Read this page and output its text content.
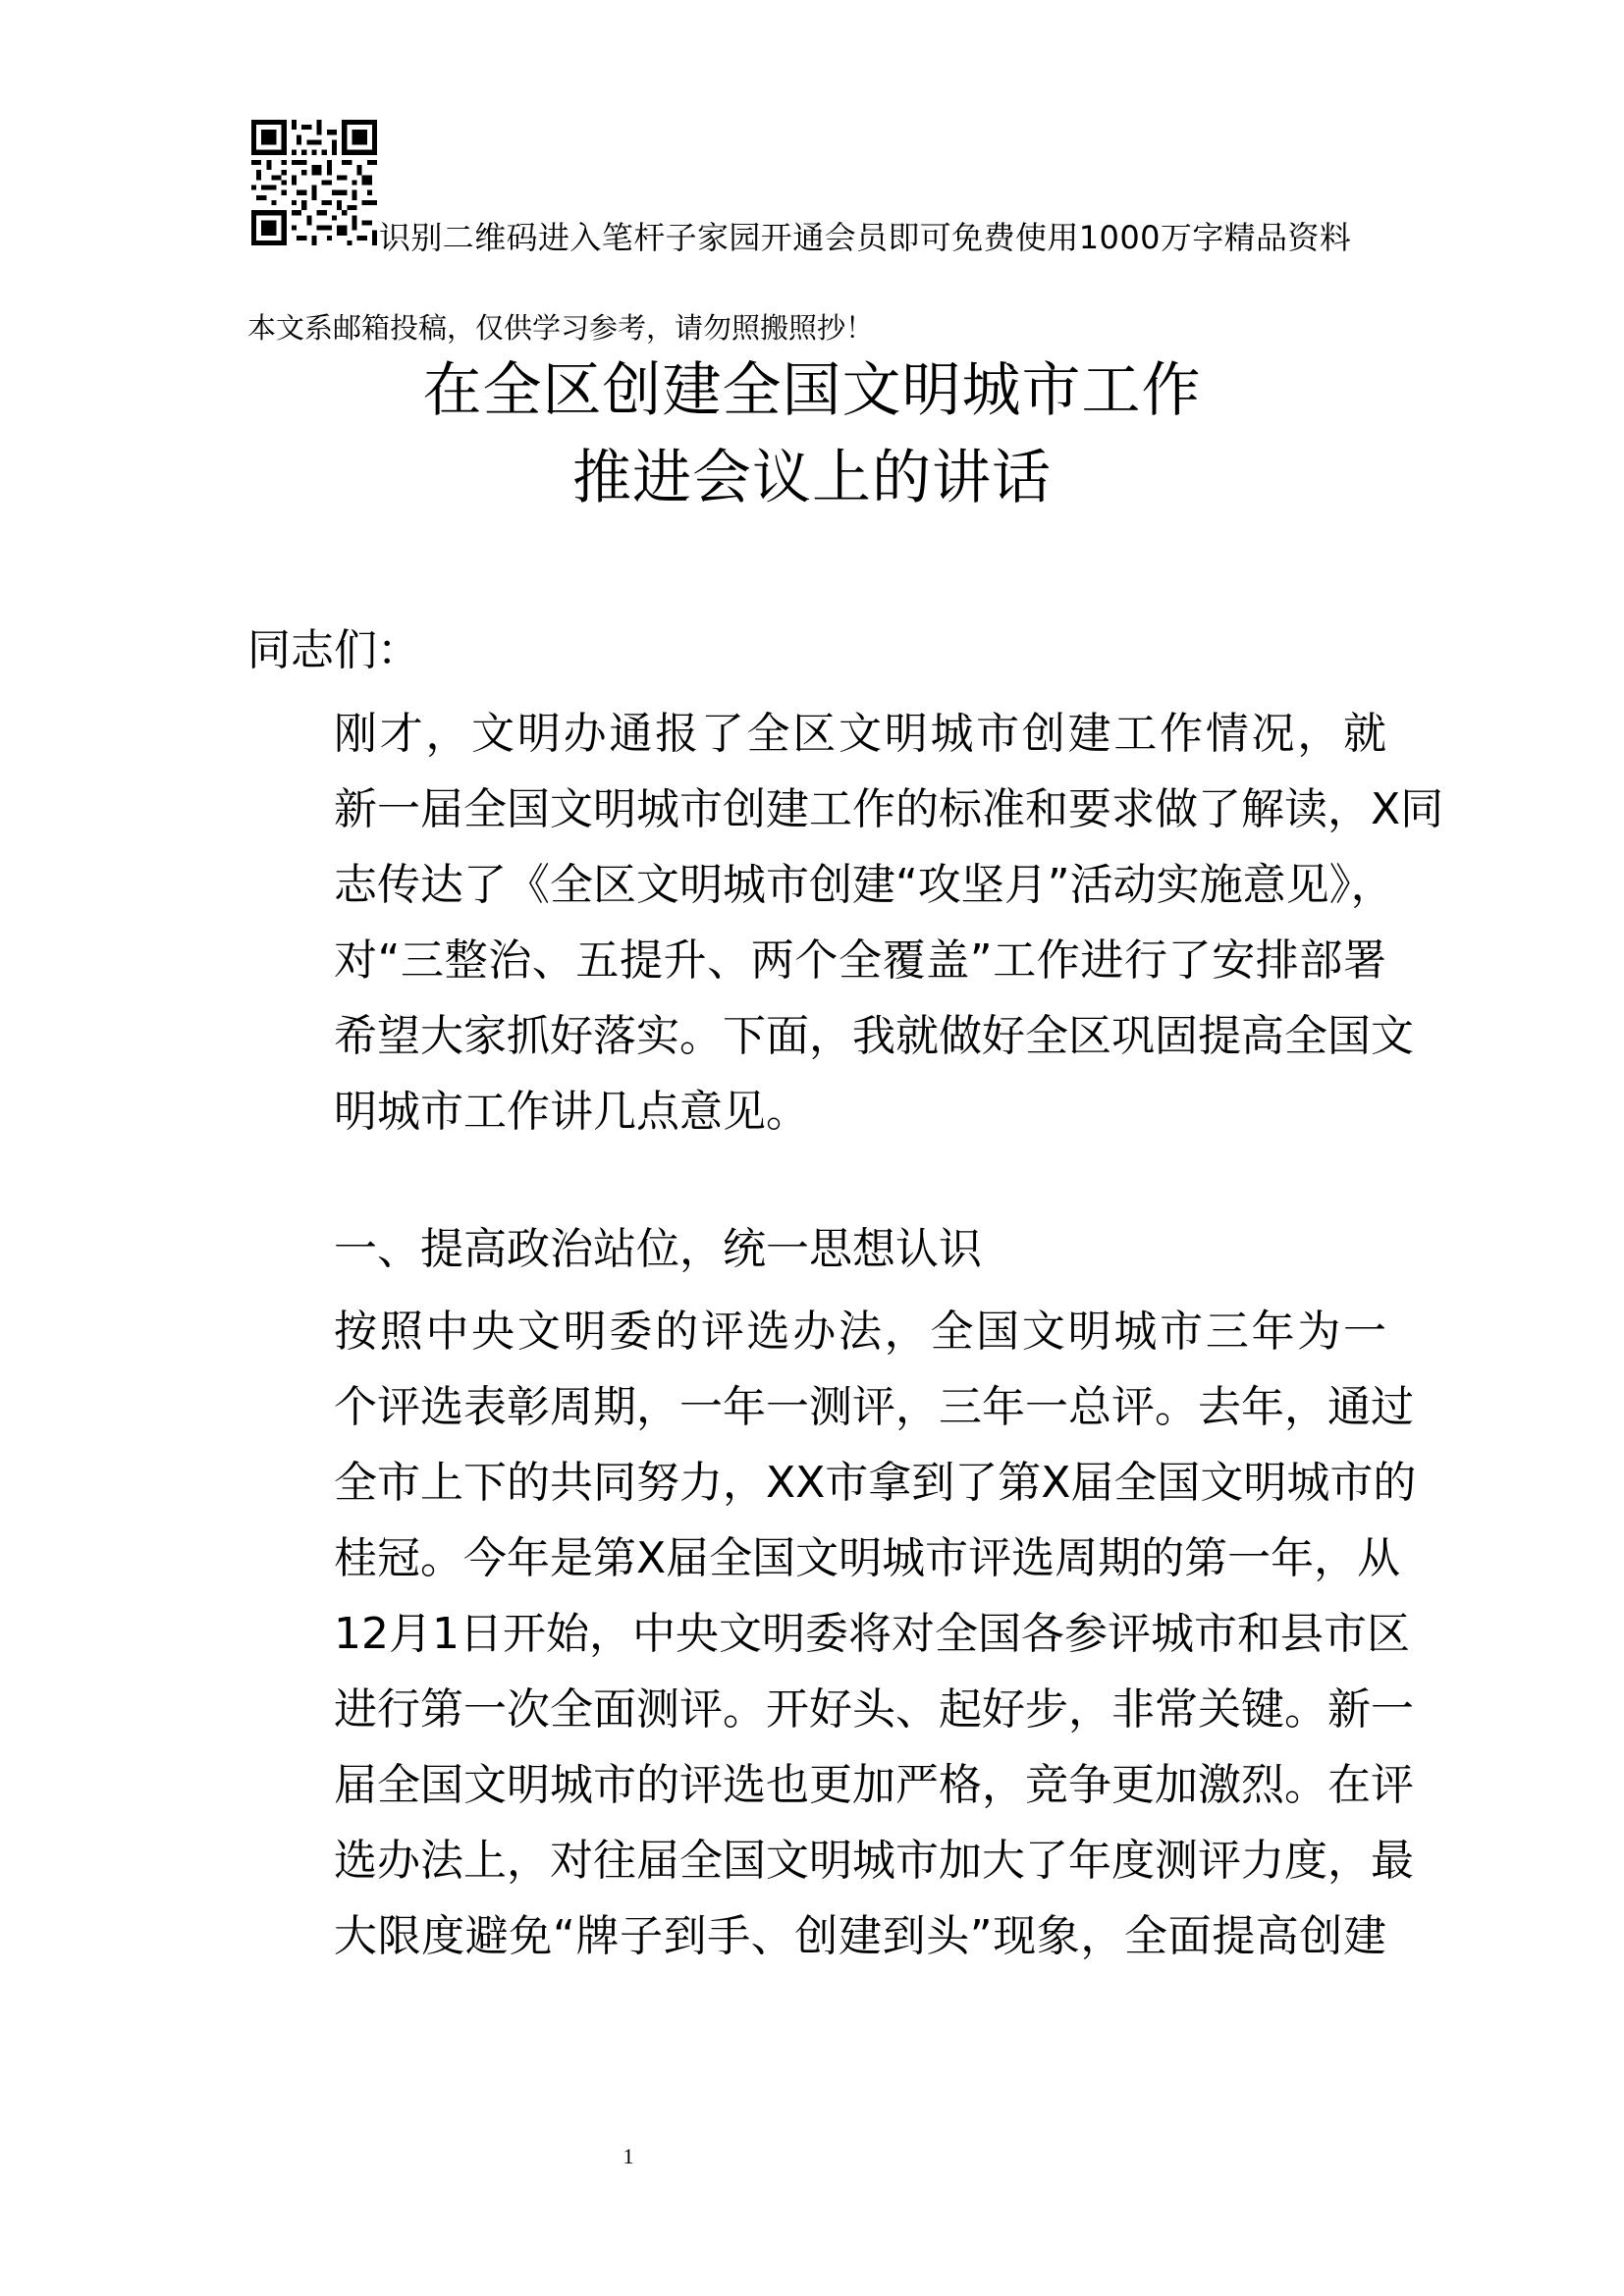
识别二维码进入笔杆子家园开通会员即可免费使用1000万字精品资料
本文系邮箱投稿，仅供学习参考，请勿照搬照抄！
在全区创建全国文明城市工作
推进会议上的讲话
同志们：
刚才，文明办通报了全区文明城市创建工作情况，就
新一届全国文明城市创建工作的标准和要求做了解读，X同
志传达了《全区文明城市创建“攻坚月”活动实施意见》，
对“三整治、五提升、两个全覆盖”工作进行了安排部署
希望大家抓好落实。下面，我就做好全区巩固提高全国文
明城市工作讲几点意见。
一、提高政治站位，统一思想认识
按照中央文明委的评选办法，全国文明城市三年为一
个评选表彰周期，一年一测评，三年一总评。去年，通过
全市上下的共同努力，XX市拿到了第X届全国文明城市的
桂冠。今年是第X届全国文明城市评选周期的第一年，从
12月1日开始，中央文明委将对全国各参评城市和县市区
进行第一次全面测评。开好头、起好步，非常关键。新一
届全国文明城市的评选也更加严格，竞争更加激烈。在评
选办法上，对往届全国文明城市加大了年度测评力度，最
大限度避免“牌子到手、创建到头”现象，全面提高创建
1
